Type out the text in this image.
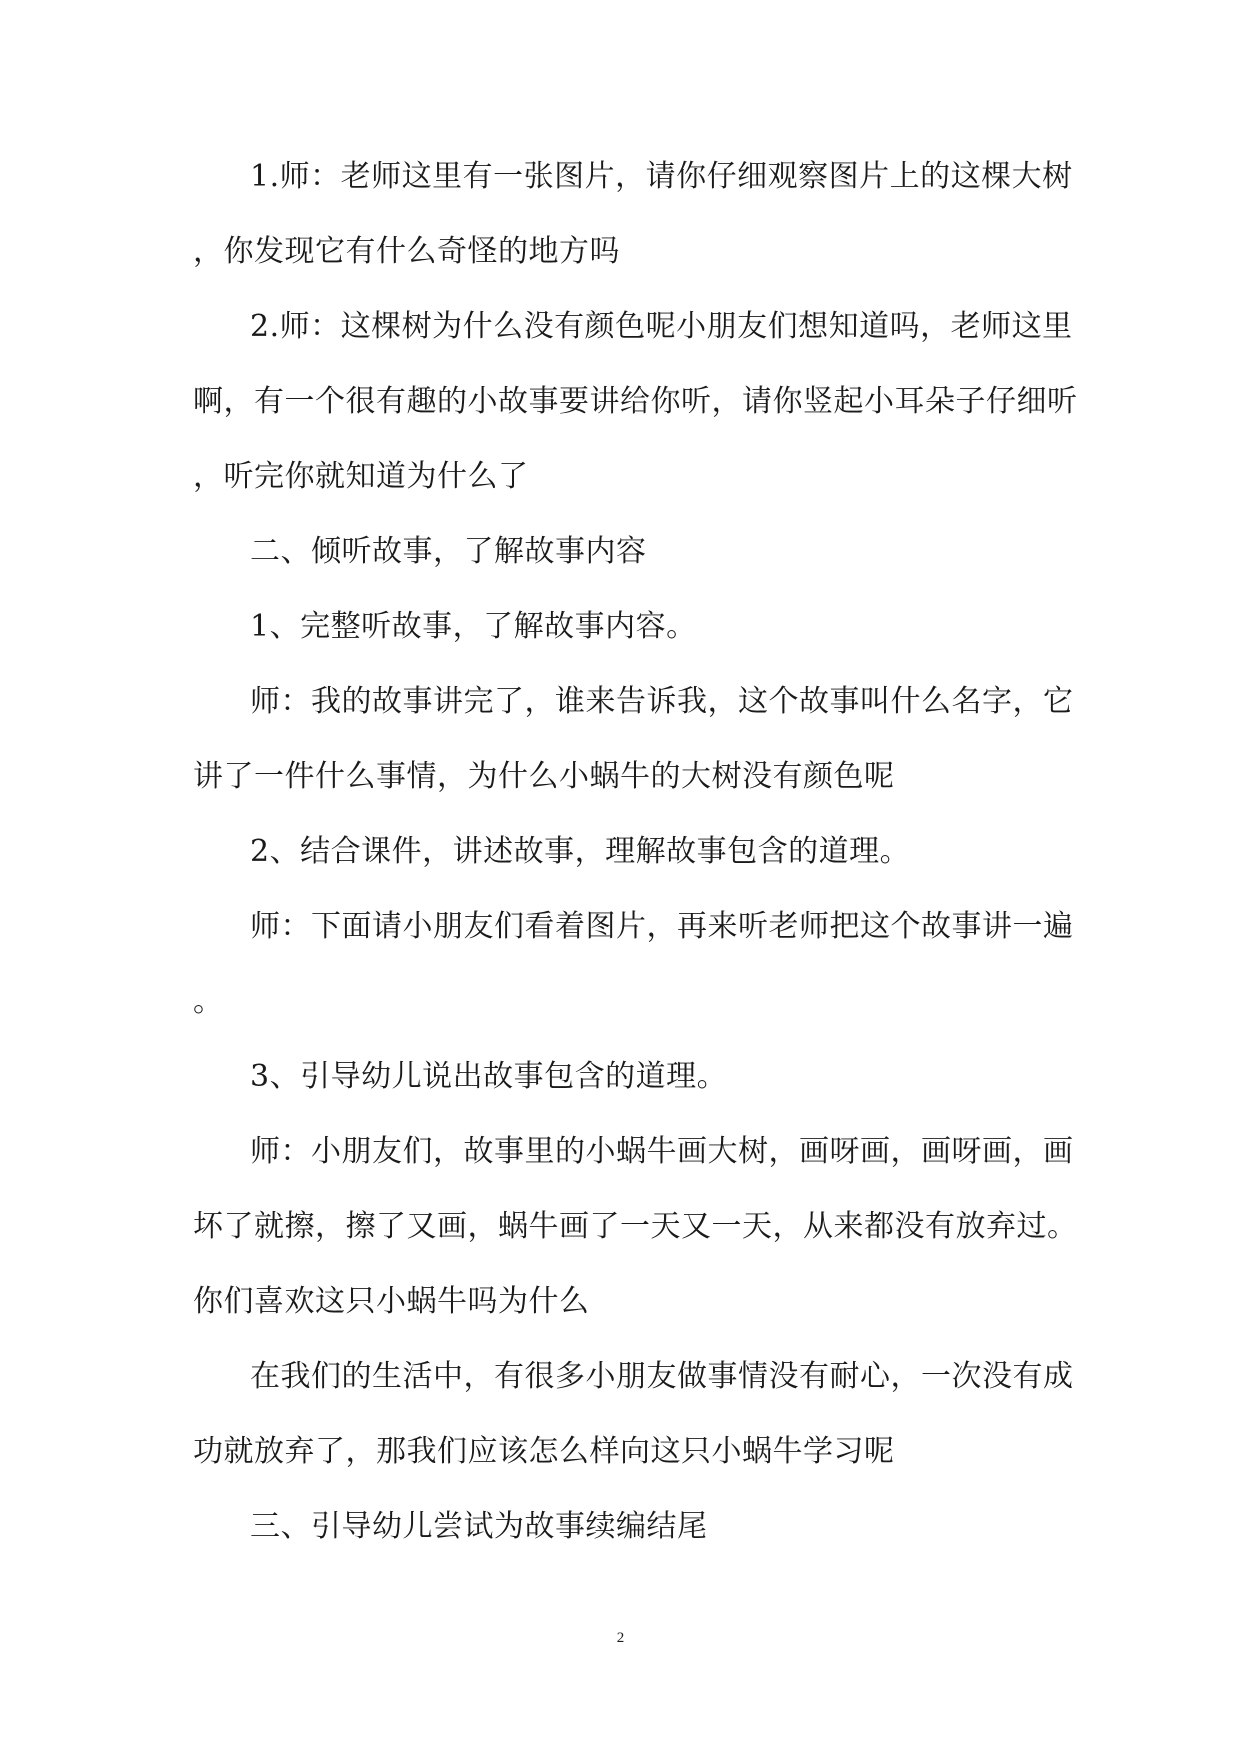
1.师：老师这里有一张图片，请你仔细观察图片上的这棵大树
，你发现它有什么奇怪的地方吗
2.师：这棵树为什么没有颜色呢小朋友们想知道吗，老师这里
啊，有一个很有趣的小故事要讲给你听，请你竖起小耳朵子仔细听
，听完你就知道为什么了
二、倾听故事，了解故事内容
1、完整听故事，了解故事内容。
师：我的故事讲完了，谁来告诉我，这个故事叫什么名字，它
讲了一件什么事情，为什么小蜗牛的大树没有颜色呢
2、结合课件，讲述故事，理解故事包含的道理。
师：下面请小朋友们看着图片，再来听老师把这个故事讲一遍
。
3、引导幼儿说出故事包含的道理。
师：小朋友们，故事里的小蜗牛画大树，画呀画，画呀画，画
坏了就擦，擦了又画，蜗牛画了一天又一天，从来都没有放弃过。
你们喜欢这只小蜗牛吗为什么
在我们的生活中，有很多小朋友做事情没有耐心，一次没有成
功就放弃了，那我们应该怎么样向这只小蜗牛学习呢
三、引导幼儿尝试为故事续编结尾
2
